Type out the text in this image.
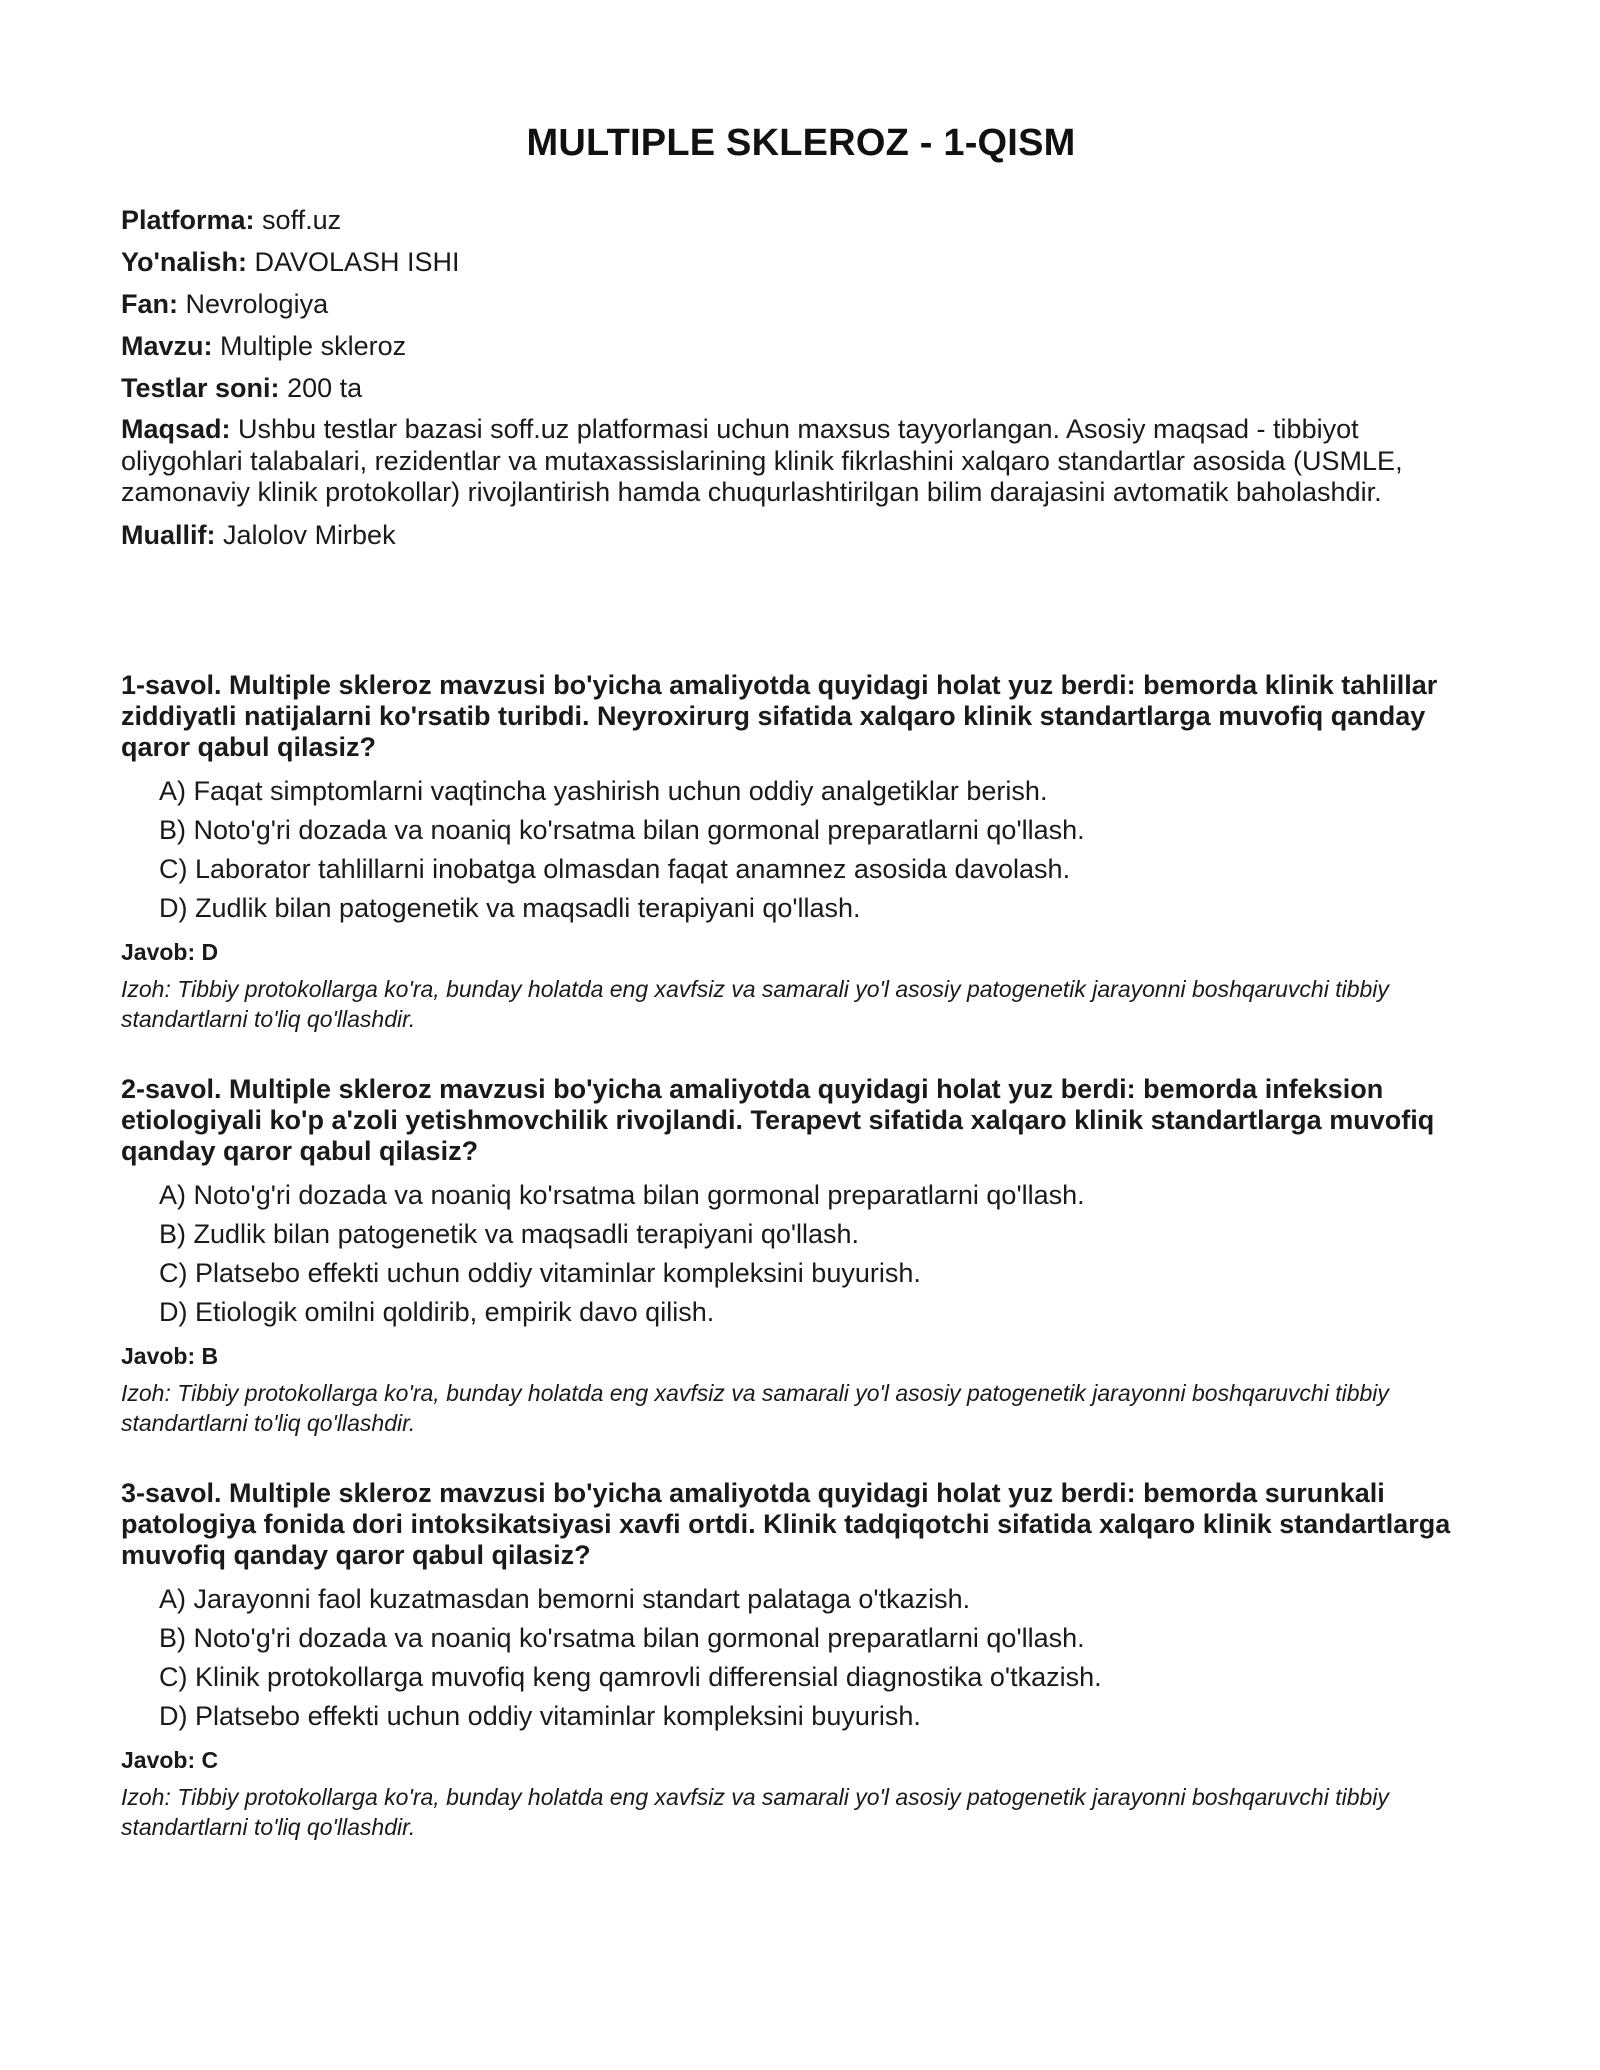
MULTIPLE SKLEROZ - 1-QISM
Platforma: soff.uz
Yo'nalish: DAVOLASH ISHI
Fan: Nevrologiya
Mavzu: Multiple skleroz
Testlar soni: 200 ta
Maqsad: Ushbu testlar bazasi soff.uz platformasi uchun maxsus tayyorlangan. Asosiy maqsad - tibbiyot oliygohlari talabalari, rezidentlar va mutaxassislarining klinik fikrlashini xalqaro standartlar asosida (USMLE, zamonaviy klinik protokollar) rivojlantirish hamda chuqurlashtirilgan bilim darajasini avtomatik baholashdir.
Muallif: Jalolov Mirbek
1-savol. Multiple skleroz mavzusi bo'yicha amaliyotda quyidagi holat yuz berdi: bemorda klinik tahlillar ziddiyatli natijalarni ko'rsatib turibdi. Neyroxirurg sifatida xalqaro klinik standartlarga muvofiq qanday qaror qabul qilasiz?
A) Faqat simptomlarni vaqtincha yashirish uchun oddiy analgetiklar berish.
B) Noto'g'ri dozada va noaniq ko'rsatma bilan gormonal preparatlarni qo'llash.
C) Laborator tahlillarni inobatga olmasdan faqat anamnez asosida davolash.
D) Zudlik bilan patogenetik va maqsadli terapiyani qo'llash.
Javob: D
Izoh: Tibbiy protokollarga ko'ra, bunday holatda eng xavfsiz va samarali yo'l asosiy patogenetik jarayonni boshqaruvchi tibbiy standartlarni to'liq qo'llashdir.
2-savol. Multiple skleroz mavzusi bo'yicha amaliyotda quyidagi holat yuz berdi: bemorda infeksion etiologiyali ko'p a'zoli yetishmovchilik rivojlandi. Terapevt sifatida xalqaro klinik standartlarga muvofiq qanday qaror qabul qilasiz?
A) Noto'g'ri dozada va noaniq ko'rsatma bilan gormonal preparatlarni qo'llash.
B) Zudlik bilan patogenetik va maqsadli terapiyani qo'llash.
C) Platsebo effekti uchun oddiy vitaminlar kompleksini buyurish.
D) Etiologik omilni qoldirib, empirik davo qilish.
Javob: B
Izoh: Tibbiy protokollarga ko'ra, bunday holatda eng xavfsiz va samarali yo'l asosiy patogenetik jarayonni boshqaruvchi tibbiy standartlarni to'liq qo'llashdir.
3-savol. Multiple skleroz mavzusi bo'yicha amaliyotda quyidagi holat yuz berdi: bemorda surunkali patologiya fonida dori intoksikatsiyasi xavfi ortdi. Klinik tadqiqotchi sifatida xalqaro klinik standartlarga muvofiq qanday qaror qabul qilasiz?
A) Jarayonni faol kuzatmasdan bemorni standart palataga o'tkazish.
B) Noto'g'ri dozada va noaniq ko'rsatma bilan gormonal preparatlarni qo'llash.
C) Klinik protokollarga muvofiq keng qamrovli differensial diagnostika o'tkazish.
D) Platsebo effekti uchun oddiy vitaminlar kompleksini buyurish.
Javob: C
Izoh: Tibbiy protokollarga ko'ra, bunday holatda eng xavfsiz va samarali yo'l asosiy patogenetik jarayonni boshqaruvchi tibbiy standartlarni to'liq qo'llashdir.
